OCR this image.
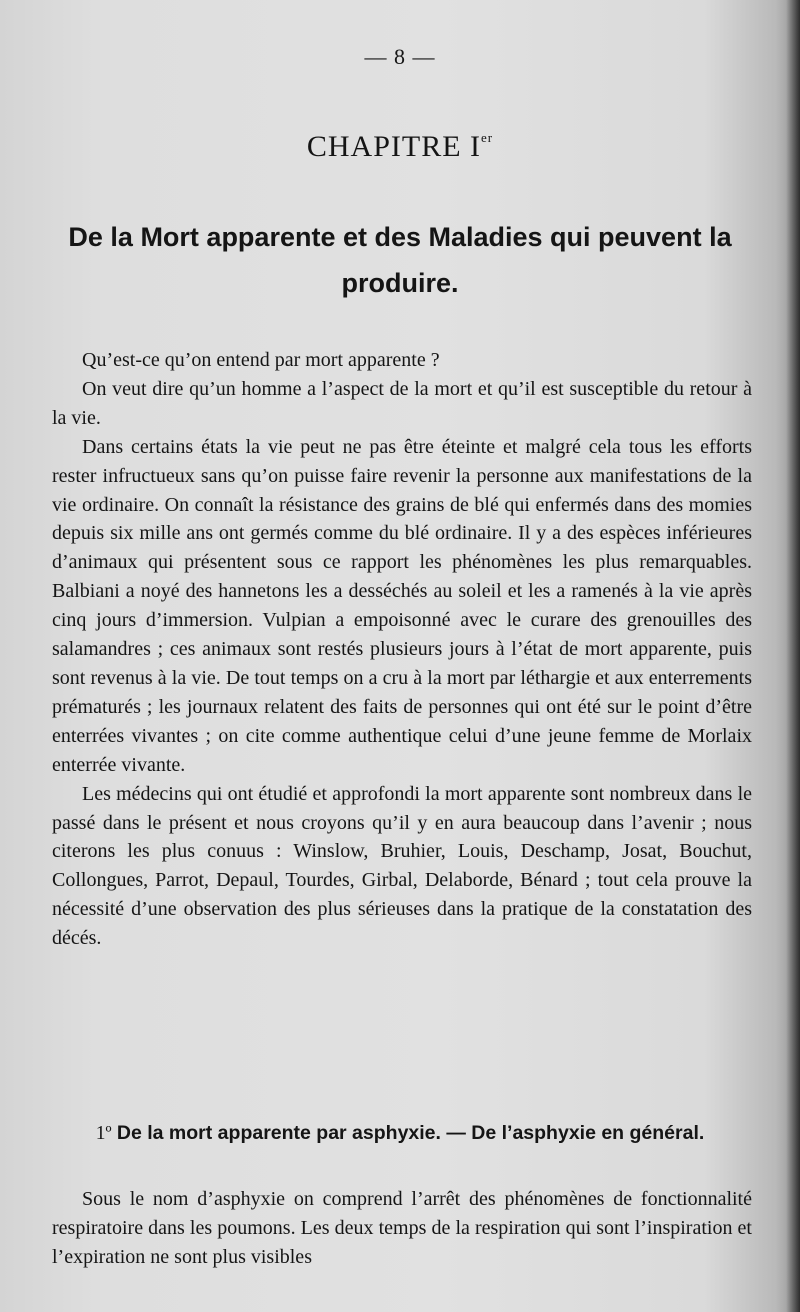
— 8 —
CHAPITRE Ier
De la Mort apparente et des Maladies qui peuvent la produire.

Qu’est-ce qu’on entend par mort apparente ?

On veut dire qu’un homme a l’aspect de la mort et qu’il est susceptible du retour à la vie.

Dans certains états la vie peut ne pas être éteinte et malgré cela tous les efforts rester infructueux sans qu’on puisse faire revenir la personne aux manifestations de la vie ordinaire. On connaît la résistance des grains de blé qui enfermés dans des momies depuis six mille ans ont germés comme du blé ordinaire. Il y a des espèces inférieures d’animaux qui présentent sous ce rapport les phénomènes les plus remarquables. Balbiani a noyé des hannetons les a desséchés au soleil et les a ramenés à la vie après cinq jours d’immersion. Vulpian a empoisonné avec le curare des grenouilles des salamandres ; ces animaux sont restés plusieurs jours à l’état de mort apparente, puis sont revenus à la vie. De tout temps on a cru à la mort par léthargie et aux enterrements prématurés ; les journaux relatent des faits de personnes qui ont été sur le point d’être enterrées vivantes ; on cite comme authentique celui d’une jeune femme de Morlaix enterrée vivante.

Les médecins qui ont étudié et approfondi la mort apparente sont nombreux dans le passé dans le présent et nous croyons qu’il y en aura beaucoup dans l’avenir ; nous citerons les plus conuus : Winslow, Bruhier, Louis, Deschamp, Josat, Bouchut, Collongues, Parrot, Depaul, Tourdes, Girbal, Delaborde, Bénard ; tout cela prouve la nécessité d’une observation des plus sérieuses dans la pratique de la constatation des décés.

1º De la mort apparente par asphyxie. — De l’asphyxie en général.

Sous le nom d’asphyxie on comprend l’arrêt des phénomènes de fonctionnalité respiratoire dans les poumons. Les deux temps de la respiration qui sont l’inspiration et l’expiration ne sont plus visibles
